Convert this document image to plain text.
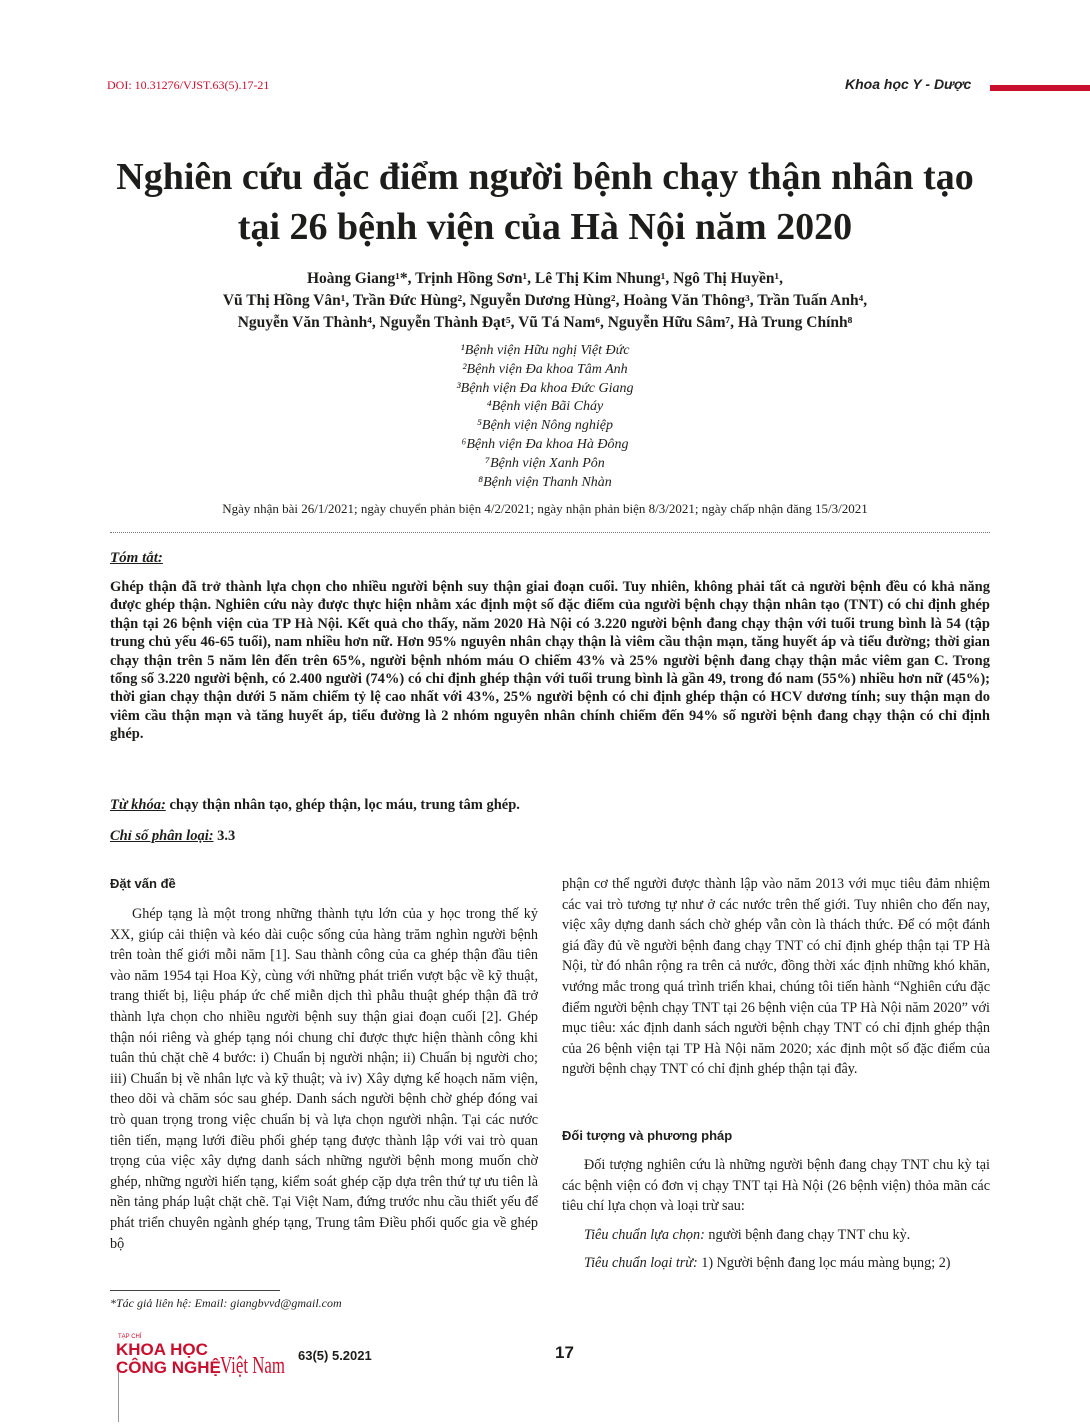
DOI: 10.31276/VJST.63(5).17-21	Khoa học Y - Dược
Nghiên cứu đặc điểm người bệnh chạy thận nhân tạo
tại 26 bệnh viện của Hà Nội năm 2020
Hoàng Giang¹*, Trịnh Hồng Sơn¹, Lê Thị Kim Nhung¹, Ngô Thị Huyền¹,
Vũ Thị Hồng Vân¹, Trần Đức Hùng², Nguyễn Dương Hùng², Hoàng Văn Thông³, Trần Tuấn Anh⁴,
Nguyễn Văn Thành⁴, Nguyễn Thành Đạt⁵, Vũ Tá Nam⁶, Nguyễn Hữu Sâm⁷, Hà Trung Chính⁸
¹Bệnh viện Hữu nghị Việt Đức
²Bệnh viện Đa khoa Tâm Anh
³Bệnh viện Đa khoa Đức Giang
⁴Bệnh viện Bãi Cháy
⁵Bệnh viện Nông nghiệp
⁶Bệnh viện Đa khoa Hà Đông
⁷Bệnh viện Xanh Pôn
⁸Bệnh viện Thanh Nhàn
Ngày nhận bài 26/1/2021; ngày chuyển phản biện 4/2/2021; ngày nhận phản biện 8/3/2021; ngày chấp nhận đăng 15/3/2021
Tóm tắt:
Ghép thận đã trở thành lựa chọn cho nhiều người bệnh suy thận giai đoạn cuối. Tuy nhiên, không phải tất cả người bệnh đều có khả năng được ghép thận. Nghiên cứu này được thực hiện nhằm xác định một số đặc điểm của người bệnh chạy thận nhân tạo (TNT) có chỉ định ghép thận tại 26 bệnh viện của TP Hà Nội. Kết quả cho thấy, năm 2020 Hà Nội có 3.220 người bệnh đang chạy thận với tuổi trung bình là 54 (tập trung chủ yếu 46-65 tuổi), nam nhiều hơn nữ. Hơn 95% nguyên nhân chạy thận là viêm cầu thận mạn, tăng huyết áp và tiểu đường; thời gian chạy thận trên 5 năm lên đến trên 65%, người bệnh nhóm máu O chiếm 43% và 25% người bệnh đang chạy thận mắc viêm gan C. Trong tổng số 3.220 người bệnh, có 2.400 người (74%) có chỉ định ghép thận với tuổi trung bình là gần 49, trong đó nam (55%) nhiều hơn nữ (45%); thời gian chạy thận dưới 5 năm chiếm tỷ lệ cao nhất với 43%, 25% người bệnh có chỉ định ghép thận có HCV dương tính; suy thận mạn do viêm cầu thận mạn và tăng huyết áp, tiểu đường là 2 nhóm nguyên nhân chính chiếm đến 94% số người bệnh đang chạy thận có chỉ định ghép.
Từ khóa: chạy thận nhân tạo, ghép thận, lọc máu, trung tâm ghép.
Chỉ số phân loại: 3.3
Đặt vấn đề

Ghép tạng là một trong những thành tựu lớn của y học trong thế kỷ XX, giúp cải thiện và kéo dài cuộc sống của hàng trăm nghìn người bệnh trên toàn thế giới mỗi năm [1]. Sau thành công của ca ghép thận đầu tiên vào năm 1954 tại Hoa Kỳ, cùng với những phát triển vượt bậc về kỹ thuật, trang thiết bị, liệu pháp ức chế miễn dịch thì phẫu thuật ghép thận đã trở thành lựa chọn cho nhiều người bệnh suy thận giai đoạn cuối [2]. Ghép thận nói riêng và ghép tạng nói chung chỉ được thực hiện thành công khi tuân thủ chặt chẽ 4 bước: i) Chuẩn bị người nhận; ii) Chuẩn bị người cho; iii) Chuẩn bị về nhân lực và kỹ thuật; và iv) Xây dựng kế hoạch năm viện, theo dõi và chăm sóc sau ghép. Danh sách người bệnh chờ ghép đóng vai trò quan trọng trong việc chuẩn bị và lựa chọn người nhận. Tại các nước tiên tiến, mạng lưới điều phối ghép tạng được thành lập với vai trò quan trọng của việc xây dựng danh sách những người bệnh mong muốn chờ ghép, những người hiến tạng, kiểm soát ghép cặp dựa trên thứ tự ưu tiên là nền tảng pháp luật chặt chẽ. Tại Việt Nam, đứng trước nhu cầu thiết yếu để phát triển chuyên ngành ghép tạng, Trung tâm Điều phối quốc gia về ghép bộ

phận cơ thể người được thành lập vào năm 2013 với mục tiêu đảm nhiệm các vai trò tương tự như ở các nước trên thế giới. Tuy nhiên cho đến nay, việc xây dựng danh sách chờ ghép vẫn còn là thách thức. Để có một đánh giá đầy đủ về người bệnh đang chạy TNT có chỉ định ghép thận tại TP Hà Nội, từ đó nhân rộng ra trên cả nước, đồng thời xác định những khó khăn, vướng mắc trong quá trình triển khai, chúng tôi tiến hành “Nghiên cứu đặc điểm người bệnh chạy TNT tại 26 bệnh viện của TP Hà Nội năm 2020” với mục tiêu: xác định danh sách người bệnh chạy TNT có chỉ định ghép thận của 26 bệnh viện tại TP Hà Nội năm 2020; xác định một số đặc điểm của người bệnh chạy TNT có chỉ định ghép thận tại đây.

Đối tượng và phương pháp

Đối tượng nghiên cứu là những người bệnh đang chạy TNT chu kỳ tại các bệnh viện có đơn vị chạy TNT tại Hà Nội (26 bệnh viện) thỏa mãn các tiêu chí lựa chọn và loại trừ sau:

Tiêu chuẩn lựa chọn: người bệnh đang chạy TNT chu kỳ.

Tiêu chuẩn loại trừ: 1) Người bệnh đang lọc máu màng bụng; 2)

*Tác giả liên hệ: Email: giangbvvd@gmail.com
TẠP CHÍ
KHOA HỌC
CÔNG NGHỆ Việt Nam 63(5) 5.2021	17
